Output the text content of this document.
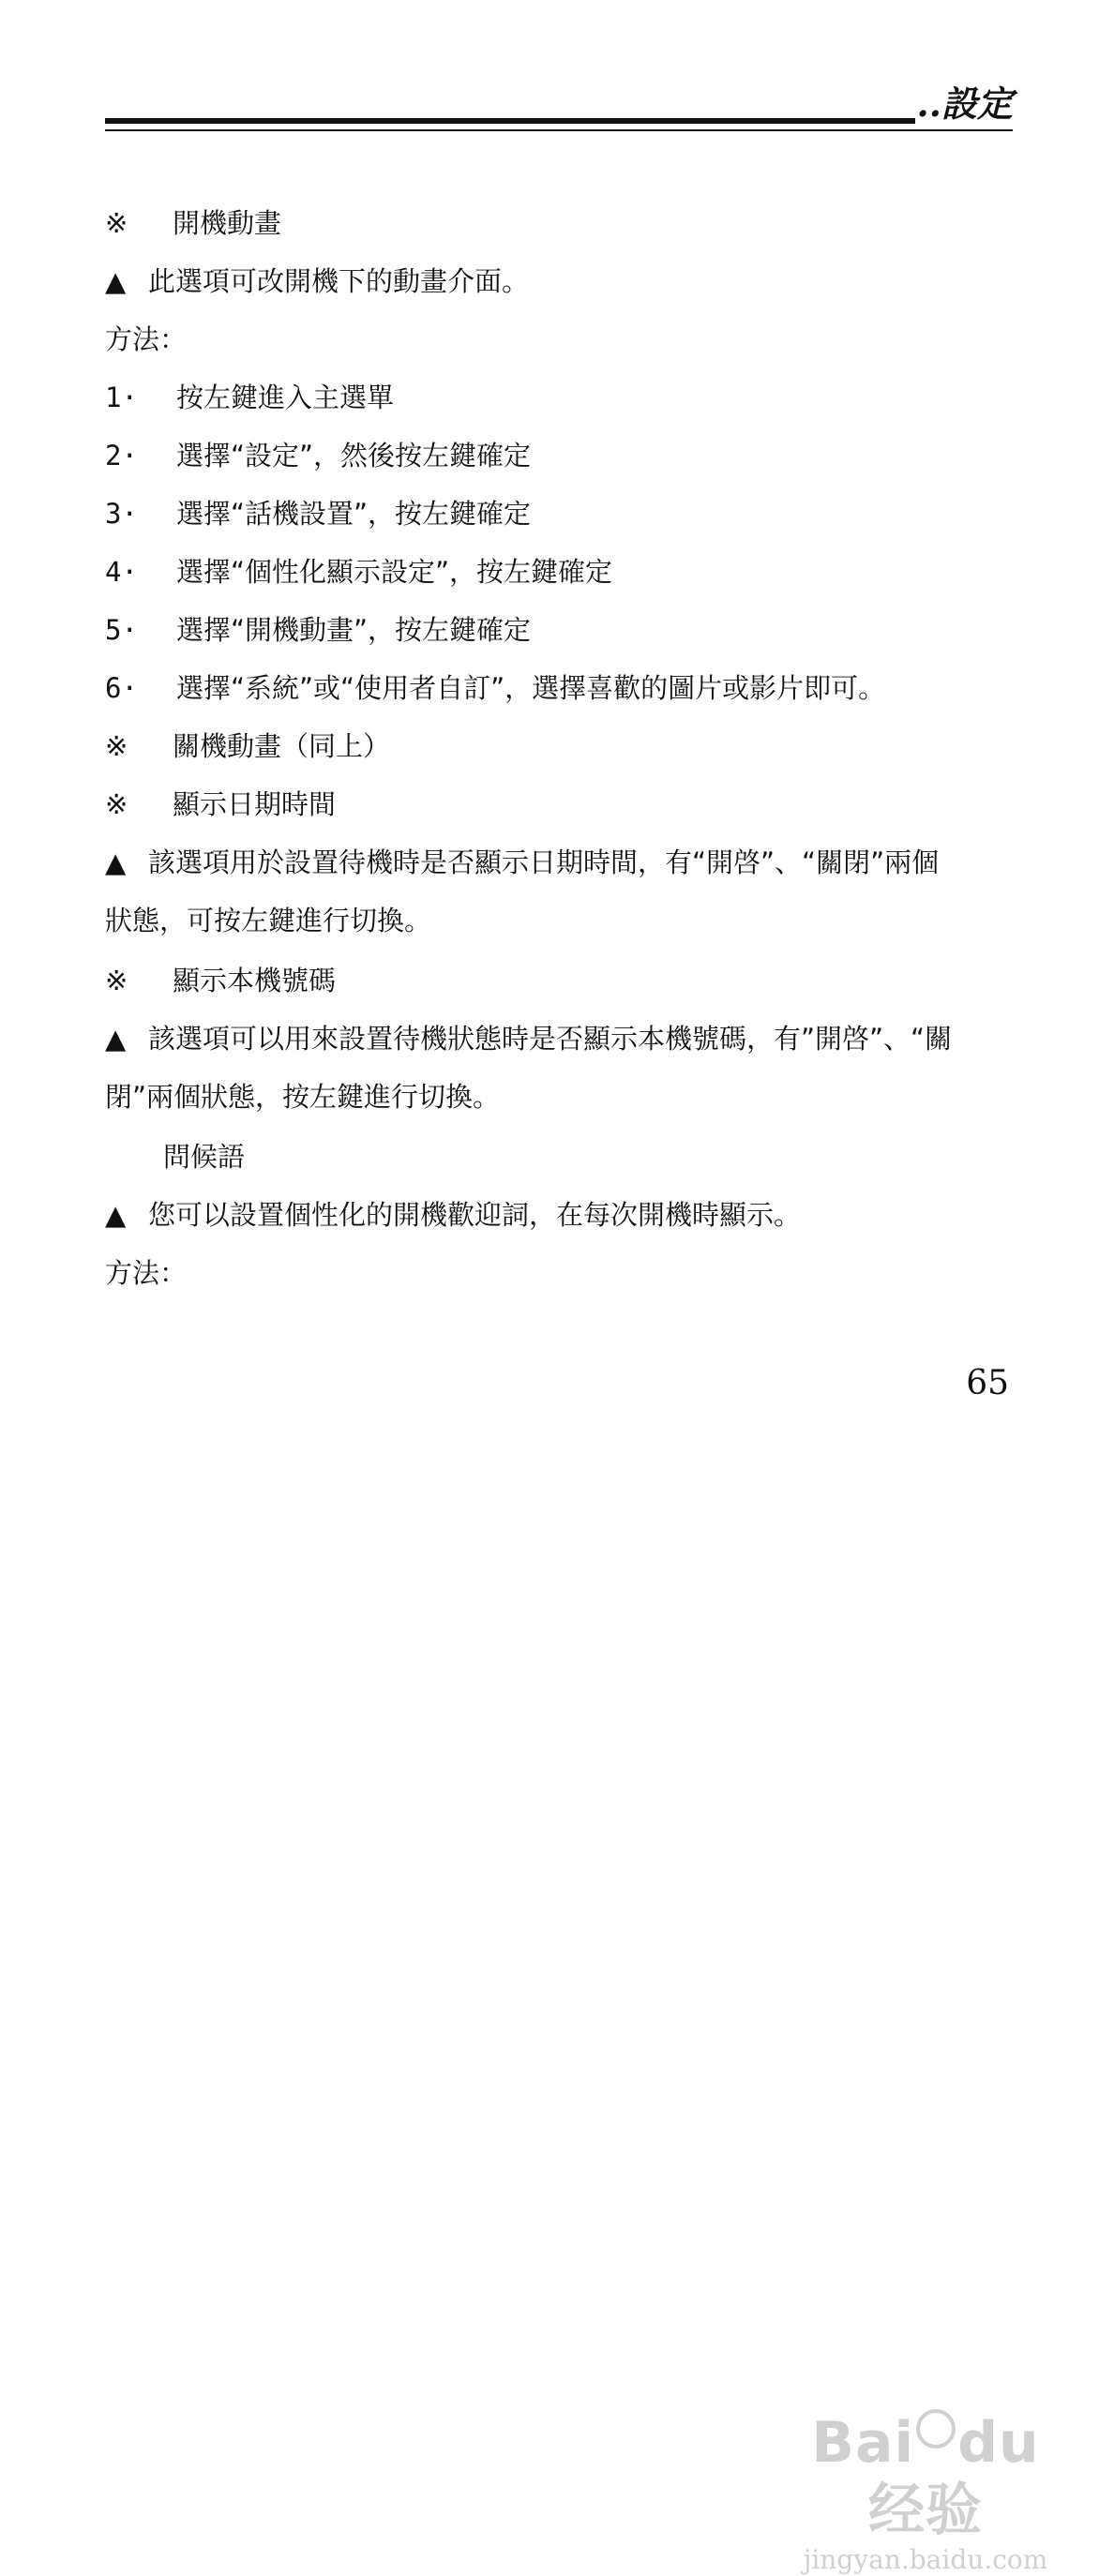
..設定
※ 開機動畫
▲ 此選項可改開機下的動畫介面。
方法：
1· 按左鍵進入主選單
2· 選擇“設定”，然後按左鍵確定
3· 選擇“話機設置”，按左鍵確定
4· 選擇“個性化顯示設定”，按左鍵確定
5· 選擇“開機動畫”，按左鍵確定
6· 選擇“系統”或“使用者自訂”，選擇喜歡的圖片或影片即可。
※ 關機動畫（同上）
※ 顯示日期時間
▲ 該選項用於設置待機時是否顯示日期時間，有“開啓”、“關閉”兩個
狀態，可按左鍵進行切換。
※ 顯示本機號碼
▲ 該選項可以用來設置待機狀態時是否顯示本機號碼，有”開啓”、“關
閉”兩個狀態，按左鍵進行切換。
問候語
▲ 您可以設置個性化的開機歡迎詞，在每次開機時顯示。
方法：
65
Bai du 经验
jingyan.baidu.com
